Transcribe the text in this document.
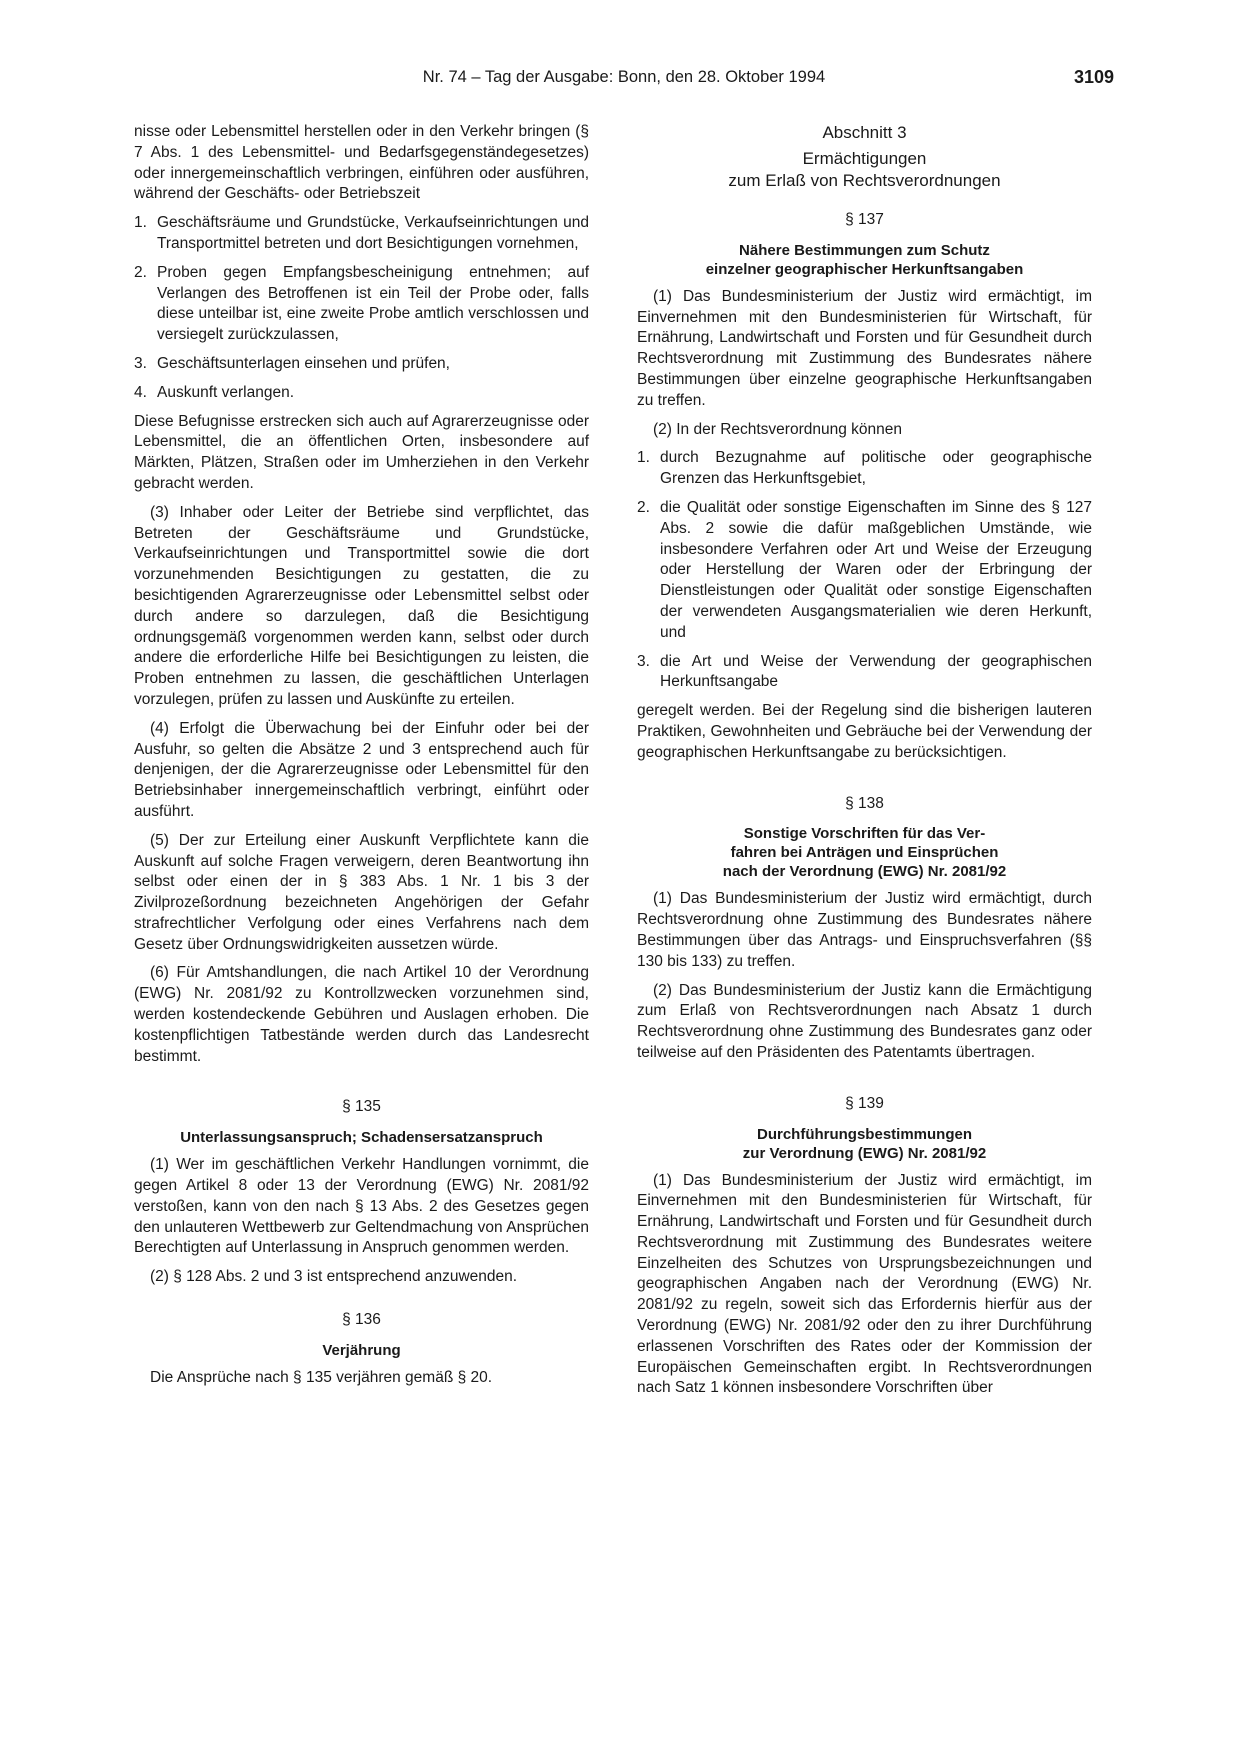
Nr. 74 – Tag der Ausgabe: Bonn, den 28. Oktober 1994	3109

nisse oder Lebensmittel herstellen oder in den Verkehr bringen (§ 7 Abs. 1 des Lebensmittel- und Bedarfsgegenständegesetzes) oder innergemeinschaftlich verbringen, einführen oder ausführen, während der Geschäfts- oder Betriebszeit

1. Geschäftsräume und Grundstücke, Verkaufseinrichtungen und Transportmittel betreten und dort Besichtigungen vornehmen,
2. Proben gegen Empfangsbescheinigung entnehmen; auf Verlangen des Betroffenen ist ein Teil der Probe oder, falls diese unteilbar ist, eine zweite Probe amtlich verschlossen und versiegelt zurückzulassen,
3. Geschäftsunterlagen einsehen und prüfen,
4. Auskunft verlangen.

Diese Befugnisse erstrecken sich auch auf Agrarerzeugnisse oder Lebensmittel, die an öffentlichen Orten, insbesondere auf Märkten, Plätzen, Straßen oder im Umherziehen in den Verkehr gebracht werden.

(3) Inhaber oder Leiter der Betriebe sind verpflichtet, das Betreten der Geschäftsräume und Grundstücke, Verkaufseinrichtungen und Transportmittel sowie die dort vorzunehmenden Besichtigungen zu gestatten, die zu besichtigenden Agrarerzeugnisse oder Lebensmittel selbst oder durch andere so darzulegen, daß die Besichtigung ordnungsgemäß vorgenommen werden kann, selbst oder durch andere die erforderliche Hilfe bei Besichtigungen zu leisten, die Proben entnehmen zu lassen, die geschäftlichen Unterlagen vorzulegen, prüfen zu lassen und Auskünfte zu erteilen.

(4) Erfolgt die Überwachung bei der Einfuhr oder bei der Ausfuhr, so gelten die Absätze 2 und 3 entsprechend auch für denjenigen, der die Agrarerzeugnisse oder Lebensmittel für den Betriebsinhaber innergemeinschaftlich verbringt, einführt oder ausführt.

(5) Der zur Erteilung einer Auskunft Verpflichtete kann die Auskunft auf solche Fragen verweigern, deren Beantwortung ihn selbst oder einen der in § 383 Abs. 1 Nr. 1 bis 3 der Zivilprozeßordnung bezeichneten Angehörigen der Gefahr strafrechtlicher Verfolgung oder eines Verfahrens nach dem Gesetz über Ordnungswidrigkeiten aussetzen würde.

(6) Für Amtshandlungen, die nach Artikel 10 der Verordnung (EWG) Nr. 2081/92 zu Kontrollzwecken vorzunehmen sind, werden kostendeckende Gebühren und Auslagen erhoben. Die kostenpflichtigen Tatbestände werden durch das Landesrecht bestimmt.

§ 135
Unterlassungsanspruch; Schadensersatzanspruch

(1) Wer im geschäftlichen Verkehr Handlungen vornimmt, die gegen Artikel 8 oder 13 der Verordnung (EWG) Nr. 2081/92 verstoßen, kann von den nach § 13 Abs. 2 des Gesetzes gegen den unlauteren Wettbewerb zur Geltendmachung von Ansprüchen Berechtigten auf Unterlassung in Anspruch genommen werden.

(2) § 128 Abs. 2 und 3 ist entsprechend anzuwenden.

§ 136
Verjährung

Die Ansprüche nach § 135 verjähren gemäß § 20.

Abschnitt 3
Ermächtigungen
zum Erlaß von Rechtsverordnungen
§ 137
Nähere Bestimmungen zum Schutz
einzelner geographischer Herkunftsangaben

(1) Das Bundesministerium der Justiz wird ermächtigt, im Einvernehmen mit den Bundesministerien für Wirtschaft, für Ernährung, Landwirtschaft und Forsten und für Gesundheit durch Rechtsverordnung mit Zustimmung des Bundesrates nähere Bestimmungen über einzelne geographische Herkunftsangaben zu treffen.

(2) In der Rechtsverordnung können

1. durch Bezugnahme auf politische oder geographische Grenzen das Herkunftsgebiet,
2. die Qualität oder sonstige Eigenschaften im Sinne des § 127 Abs. 2 sowie die dafür maßgeblichen Umstände, wie insbesondere Verfahren oder Art und Weise der Erzeugung oder Herstellung der Waren oder der Erbringung der Dienstleistungen oder Qualität oder sonstige Eigenschaften der verwendeten Ausgangsmaterialien wie deren Herkunft, und
3. die Art und Weise der Verwendung der geographischen Herkunftsangabe

geregelt werden. Bei der Regelung sind die bisherigen lauteren Praktiken, Gewohnheiten und Gebräuche bei der Verwendung der geographischen Herkunftsangabe zu berücksichtigen.

§ 138
Sonstige Vorschriften für das Ver-
fahren bei Anträgen und Einsprüchen
nach der Verordnung (EWG) Nr. 2081/92

(1) Das Bundesministerium der Justiz wird ermächtigt, durch Rechtsverordnung ohne Zustimmung des Bundesrates nähere Bestimmungen über das Antrags- und Einspruchsverfahren (§§ 130 bis 133) zu treffen.

(2) Das Bundesministerium der Justiz kann die Ermächtigung zum Erlaß von Rechtsverordnungen nach Absatz 1 durch Rechtsverordnung ohne Zustimmung des Bundesrates ganz oder teilweise auf den Präsidenten des Patentamts übertragen.

§ 139
Durchführungsbestimmungen
zur Verordnung (EWG) Nr. 2081/92

(1) Das Bundesministerium der Justiz wird ermächtigt, im Einvernehmen mit den Bundesministerien für Wirtschaft, für Ernährung, Landwirtschaft und Forsten und für Gesundheit durch Rechtsverordnung mit Zustimmung des Bundesrates weitere Einzelheiten des Schutzes von Ursprungsbezeichnungen und geographischen Angaben nach der Verordnung (EWG) Nr. 2081/92 zu regeln, soweit sich das Erfordernis hierfür aus der Verordnung (EWG) Nr. 2081/92 oder den zu ihrer Durchführung erlassenen Vorschriften des Rates oder der Kommission der Europäischen Gemeinschaften ergibt. In Rechtsverordnungen nach Satz 1 können insbesondere Vorschriften über
